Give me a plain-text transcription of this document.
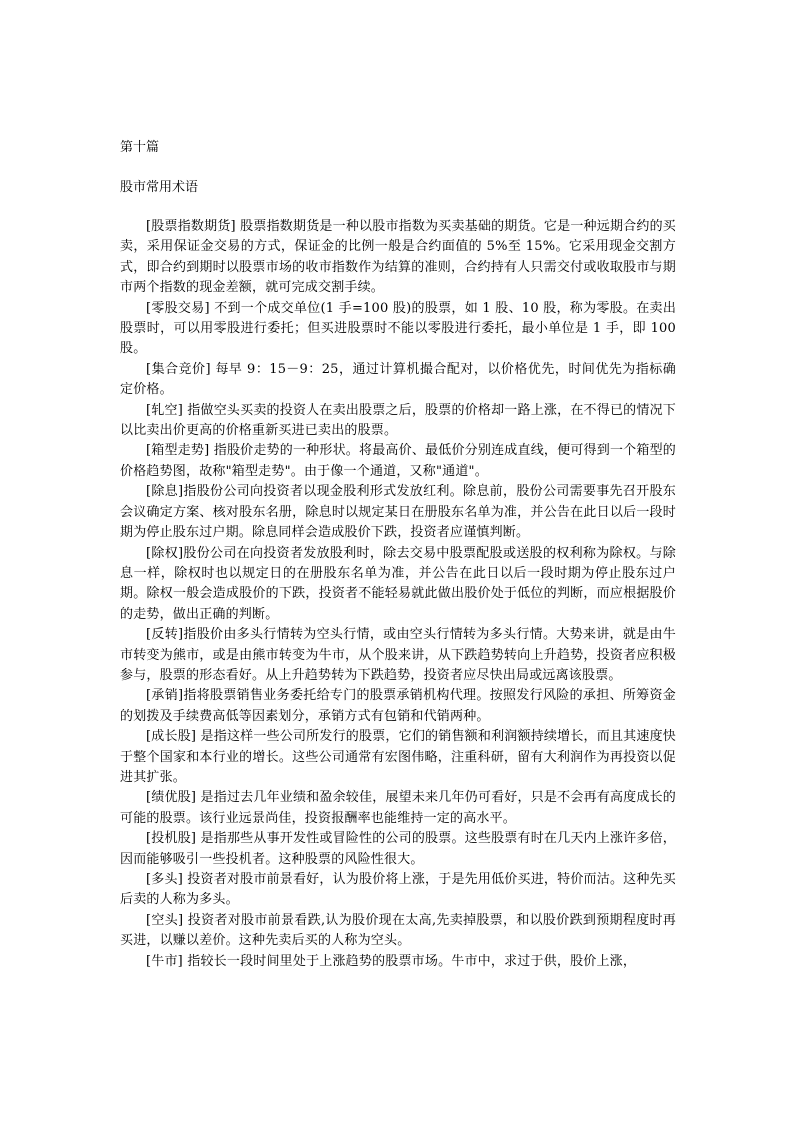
第十篇
股市常用术语

[股票指数期货] 股票指数期货是一种以股市指数为买卖基础的期货。它是一种远期合约的买卖，采用保证金交易的方式，保证金的比例一般是合约面值的 5%至 15%。它采用现金交割方式，即合约到期时以股票市场的收市指数作为结算的准则，合约持有人只需交付或收取股市与期市两个指数的现金差额，就可完成交割手续。

[零股交易] 不到一个成交单位(1 手=100 股)的股票，如 1 股、10 股，称为零股。在卖出股票时，可以用零股进行委托；但买进股票时不能以零股进行委托，最小单位是 1 手，即 100 股。

[集合竞价] 每早 9：15－9：25，通过计算机撮合配对，以价格优先，时间优先为指标确定价格。

[轧空] 指做空头买卖的投资人在卖出股票之后，股票的价格却一路上涨，在不得已的情况下以比卖出价更高的价格重新买进已卖出的股票。

[箱型走势] 指股价走势的一种形状。将最高价、最低价分别连成直线，便可得到一个箱型的价格趋势图，故称"箱型走势"。由于像一个通道，又称"通道"。

[除息]指股份公司向投资者以现金股利形式发放红利。除息前，股份公司需要事先召开股东会议确定方案、核对股东名册，除息时以规定某日在册股东名单为准，并公告在此日以后一段时期为停止股东过户期。除息同样会造成股价下跌，投资者应谨慎判断。

[除权]股份公司在向投资者发放股利时，除去交易中股票配股或送股的权利称为除权。与除息一样，除权时也以规定日的在册股东名单为准，并公告在此日以后一段时期为停止股东过户期。除权一般会造成股价的下跌，投资者不能轻易就此做出股价处于低位的判断，而应根据股价的走势，做出正确的判断。

[反转]指股价由多头行情转为空头行情，或由空头行情转为多头行情。大势来讲，就是由牛市转变为熊市，或是由熊市转变为牛市，从个股来讲，从下跌趋势转向上升趋势，投资者应积极参与，股票的形态看好。从上升趋势转为下跌趋势，投资者应尽快出局或远离该股票。

[承销]指将股票销售业务委托给专门的股票承销机构代理。按照发行风险的承担、所筹资金的划拨及手续费高低等因素划分，承销方式有包销和代销两种。

[成长股] 是指这样一些公司所发行的股票，它们的销售额和利润额持续增长，而且其速度快于整个国家和本行业的增长。这些公司通常有宏图伟略，注重科研，留有大利润作为再投资以促进其扩张。

[绩优股] 是指过去几年业绩和盈余较佳，展望未来几年仍可看好，只是不会再有高度成长的可能的股票。该行业远景尚佳，投资报酬率也能维持一定的高水平。

[投机股] 是指那些从事开发性或冒险性的公司的股票。这些股票有时在几天内上涨许多倍，因而能够吸引一些投机者。这种股票的风险性很大。

[多头] 投资者对股市前景看好，认为股价将上涨，于是先用低价买进，特价而沽。这种先买后卖的人称为多头。

[空头] 投资者对股市前景看跌,认为股价现在太高,先卖掉股票，和以股价跌到预期程度时再买进，以赚以差价。这种先卖后买的人称为空头。

[牛市] 指较长一段时间里处于上涨趋势的股票市场。牛市中，求过于供，股价上涨，
